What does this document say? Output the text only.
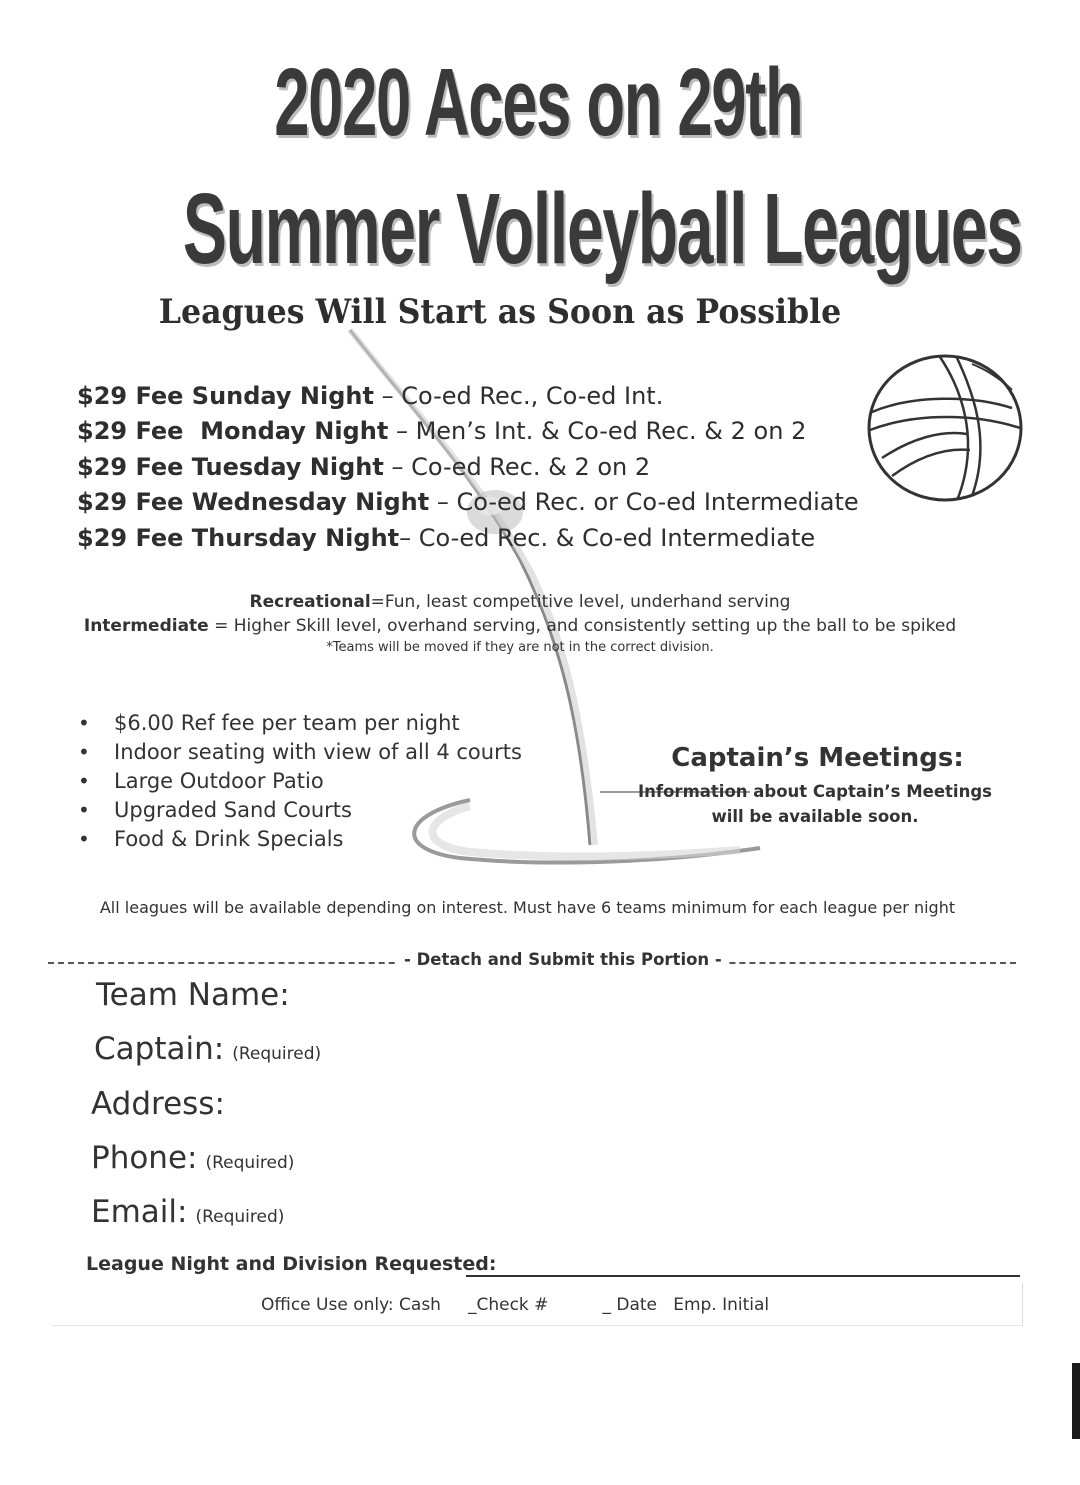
2020 Aces on 29th
Summer Volleyball Leagues
Leagues Will Start as Soon as Possible
$29 Fee Sunday Night – Co-ed Rec., Co-ed Int.
$29 Fee  Monday Night – Men’s Int. & Co-ed Rec. & 2 on 2
$29 Fee Tuesday Night – Co-ed Rec. & 2 on 2
$29 Fee Wednesday Night – Co-ed Rec. or Co-ed Intermediate
$29 Fee Thursday Night– Co-ed Rec. & Co-ed Intermediate
Recreational=Fun, least competitive level, underhand serving
Intermediate = Higher Skill level, overhand serving, and consistently setting up the ball to be spiked
*Teams will be moved if they are not in the correct division.
• $6.00 Ref fee per team per night
• Indoor seating with view of all 4 courts
• Large Outdoor Patio
• Upgraded Sand Courts
• Food & Drink Specials
Captain’s Meetings:
Information about Captain’s Meetings
will be available soon.
All leagues will be available depending on interest. Must have 6 teams minimum for each league per night
- Detach and Submit this Portion -
Team Name:
Captain: (Required)
Address:
Phone: (Required)
Email: (Required)
League Night and Division Requested:
Office Use only: Cash     _Check #          _ Date   Emp. Initial
